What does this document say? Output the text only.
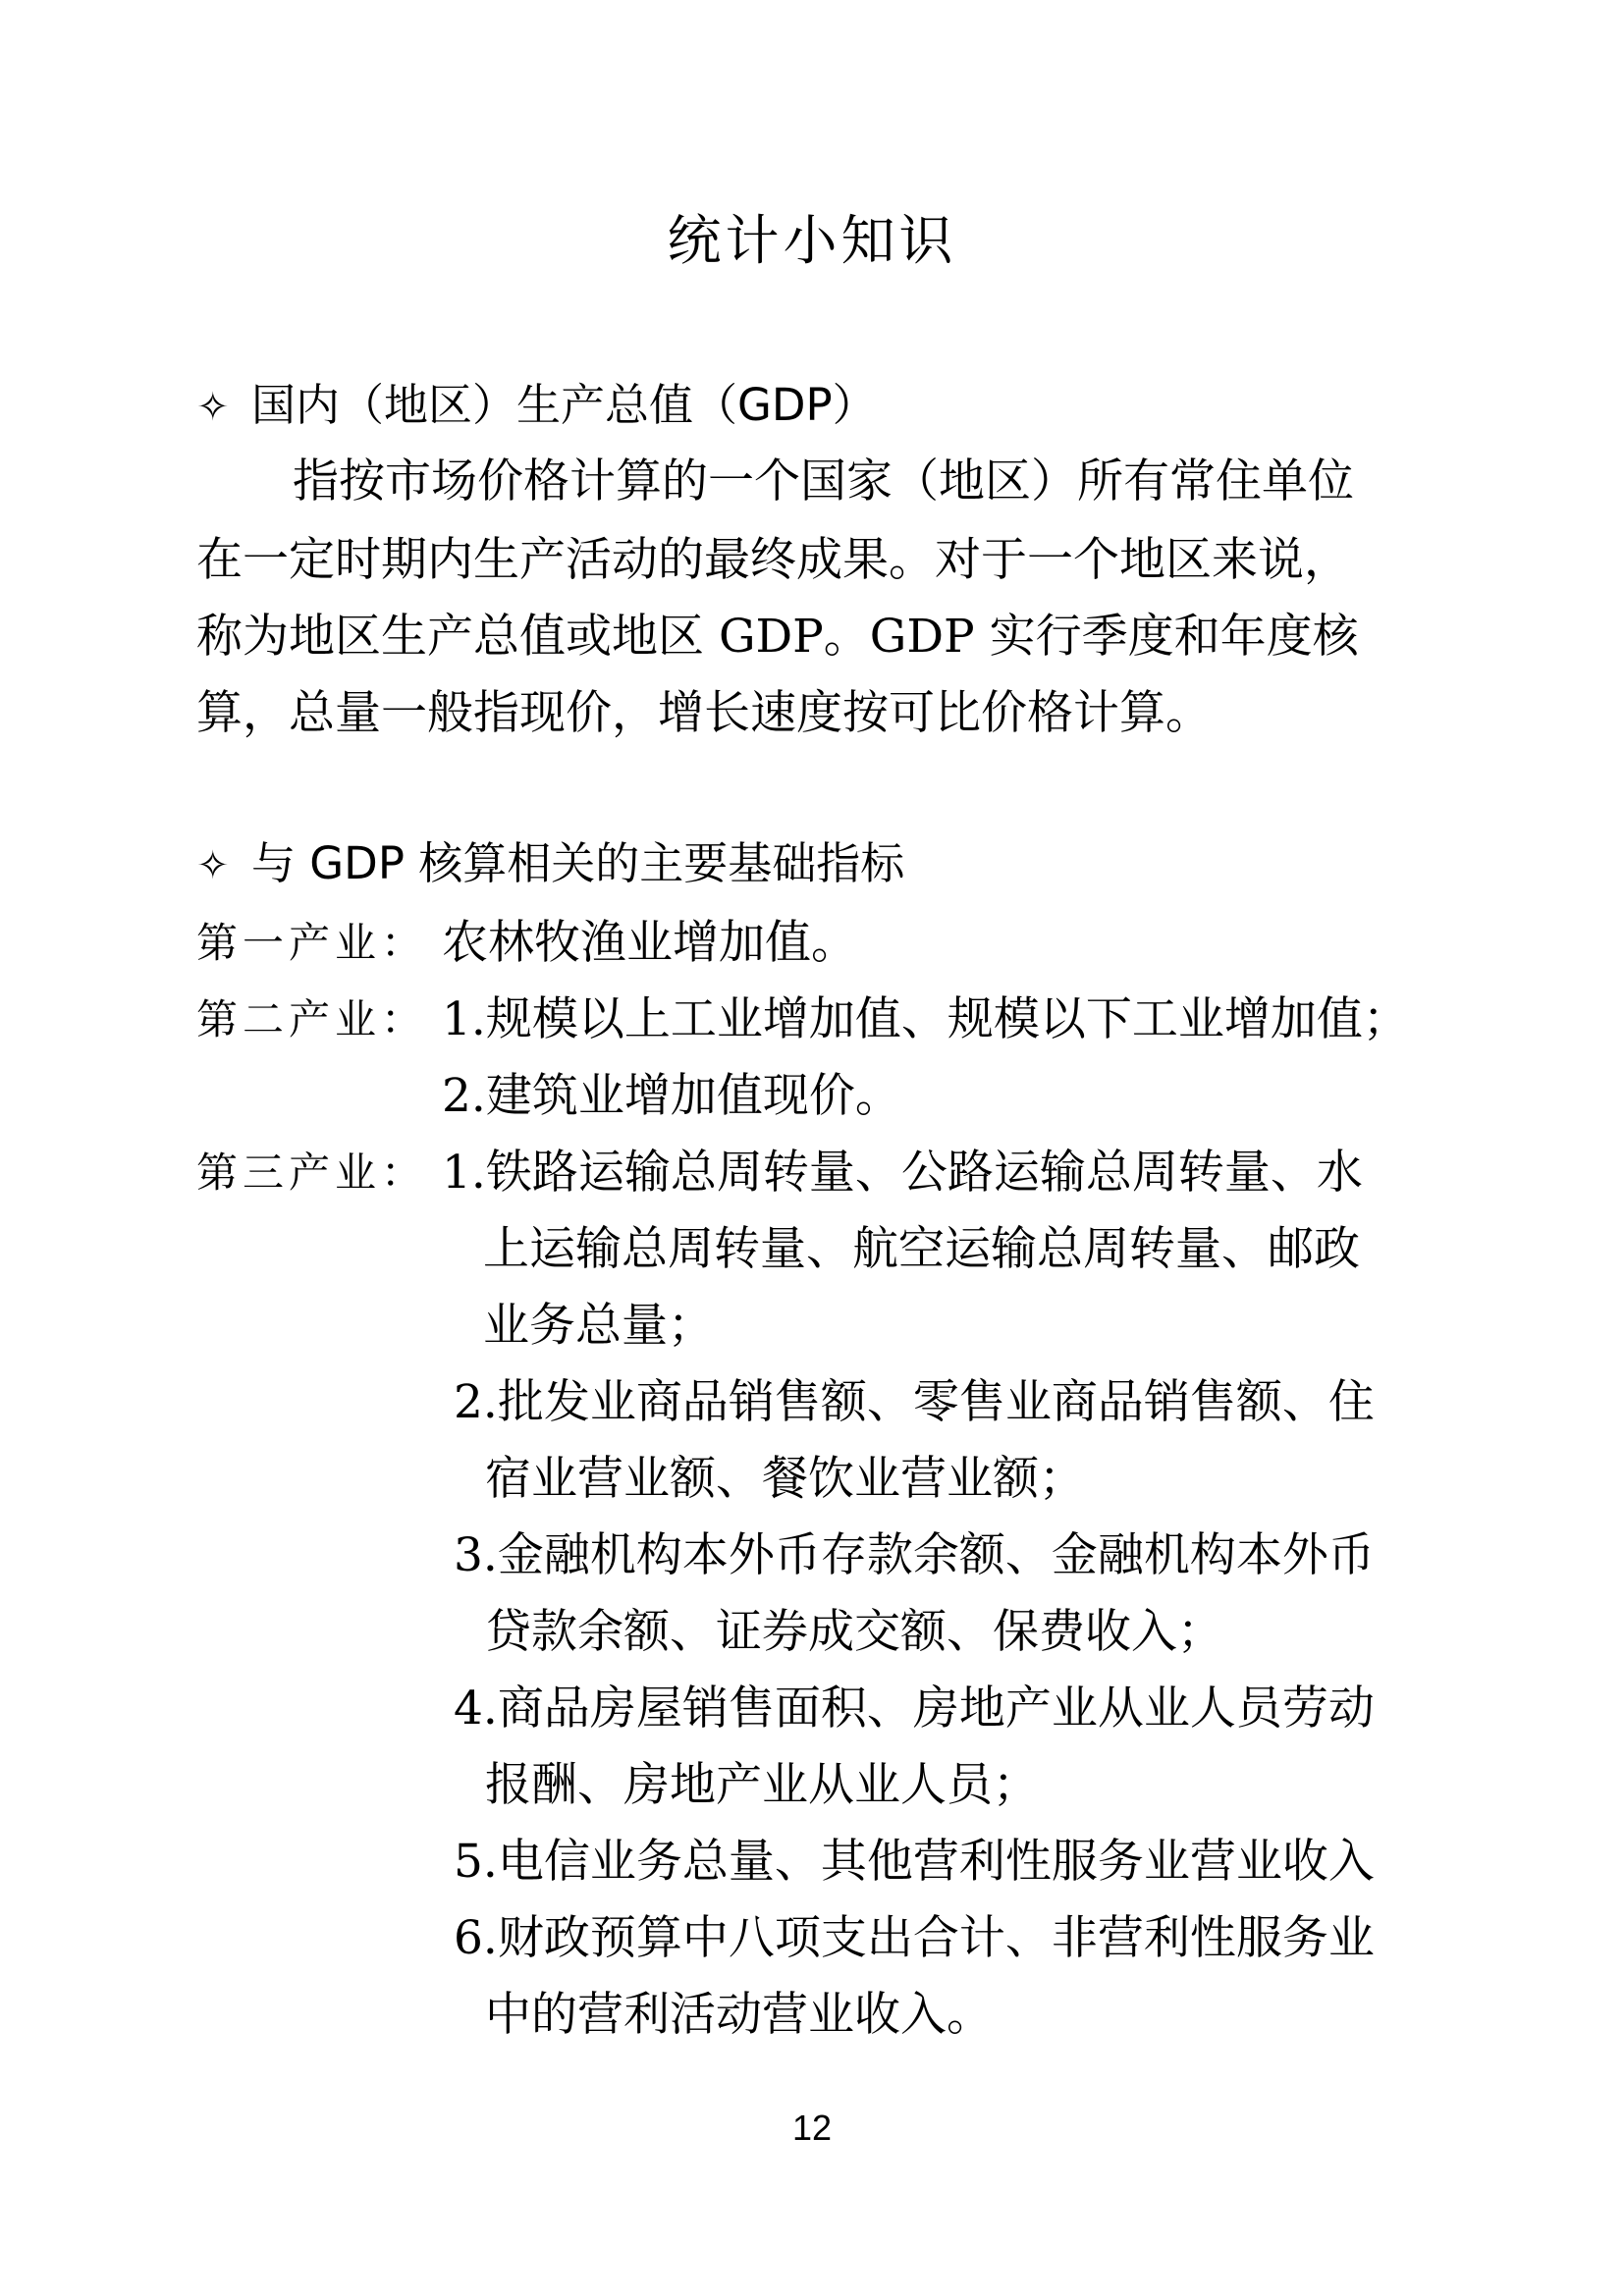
统计小知识
✧ 国内（地区）生产总值（GDP）
指按市场价格计算的一个国家（地区）所有常住单位
在一定时期内生产活动的最终成果。对于一个地区来说，
称为地区生产总值或地区 GDP。GDP 实行季度和年度核
算，总量一般指现价，增长速度按可比价格计算。
✧ 与 GDP 核算相关的主要基础指标
第一产业： 农林牧渔业增加值。
第二产业： 1.规模以上工业增加值、规模以下工业增加值；
2.建筑业增加值现价。
第三产业： 1.铁路运输总周转量、公路运输总周转量、水
上运输总周转量、航空运输总周转量、邮政
业务总量；
2.批发业商品销售额、零售业商品销售额、住
宿业营业额、餐饮业营业额；
3.金融机构本外币存款余额、金融机构本外币
贷款余额、证券成交额、保费收入；
4.商品房屋销售面积、房地产业从业人员劳动
报酬、房地产业从业人员；
5.电信业务总量、其他营利性服务业营业收入
6.财政预算中八项支出合计、非营利性服务业
中的营利活动营业收入。
12
